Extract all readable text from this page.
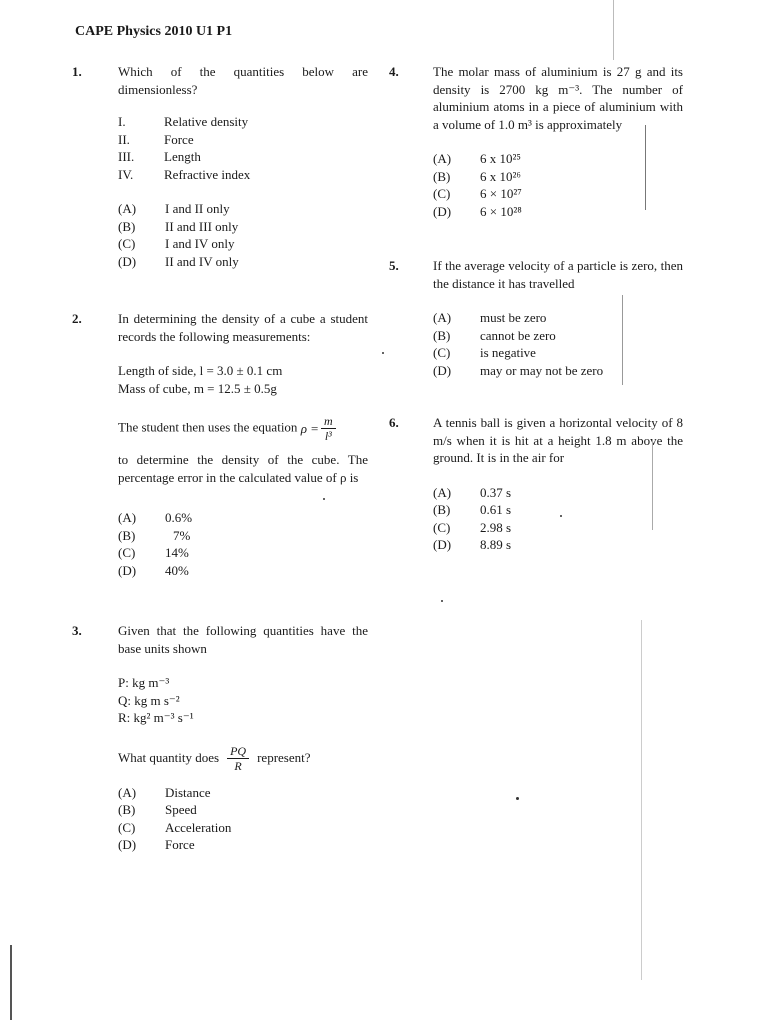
CAPE Physics 2010 U1 P1
1.	Which of the quantities below are dimensionless?
I.	Relative density
II.	Force
III.	Length
IV.	Refractive index
(A)	I and II only
(B)	II and III only
(C)	I and IV only
(D)	II and IV only
2.	In determining the density of a cube a student records the following measurements:
Length of side, l = 3.0 ± 0.1 cm
Mass of cube, m = 12.5 ± 0.5g
The student then uses the equation $\rho = \frac{m}{\text{l³}}$
to determine the density of the cube. The percentage error in the calculated value of ρ is
(A)	0.6%
(B)	7%
(C)	14%
(D)	40%
3.	Given that the following quantities have the base units shown
P: kg m⁻³
Q: kg m s⁻²
R: kg² m⁻³ s⁻¹
What quantity does $\frac{PQ}{R}$ represent?
(A)	Distance
(B)	Speed
(C)	Acceleration
(D)	Force
4.	The molar mass of aluminium is 27 g and its density is 2700 kg m⁻³. The number of aluminium atoms in a piece of aluminium with a volume of 1.0 m³ is approximately
(A)	6 x 10²⁵
(B)	6 x 10²⁶
(C)	6 × 10²⁷
(D)	6 × 10²⁸
5.	If the average velocity of a particle is zero, then the distance it has travelled
(A)	must be zero
(B)	cannot be zero
(C)	is negative
(D)	may or may not be zero
6.	A tennis ball is given a horizontal velocity of 8 m/s when it is hit at a height 1.8 m above the ground. It is in the air for
(A)	0.37 s
(B)	0.61 s
(C)	2.98 s
(D)	8.89 s
